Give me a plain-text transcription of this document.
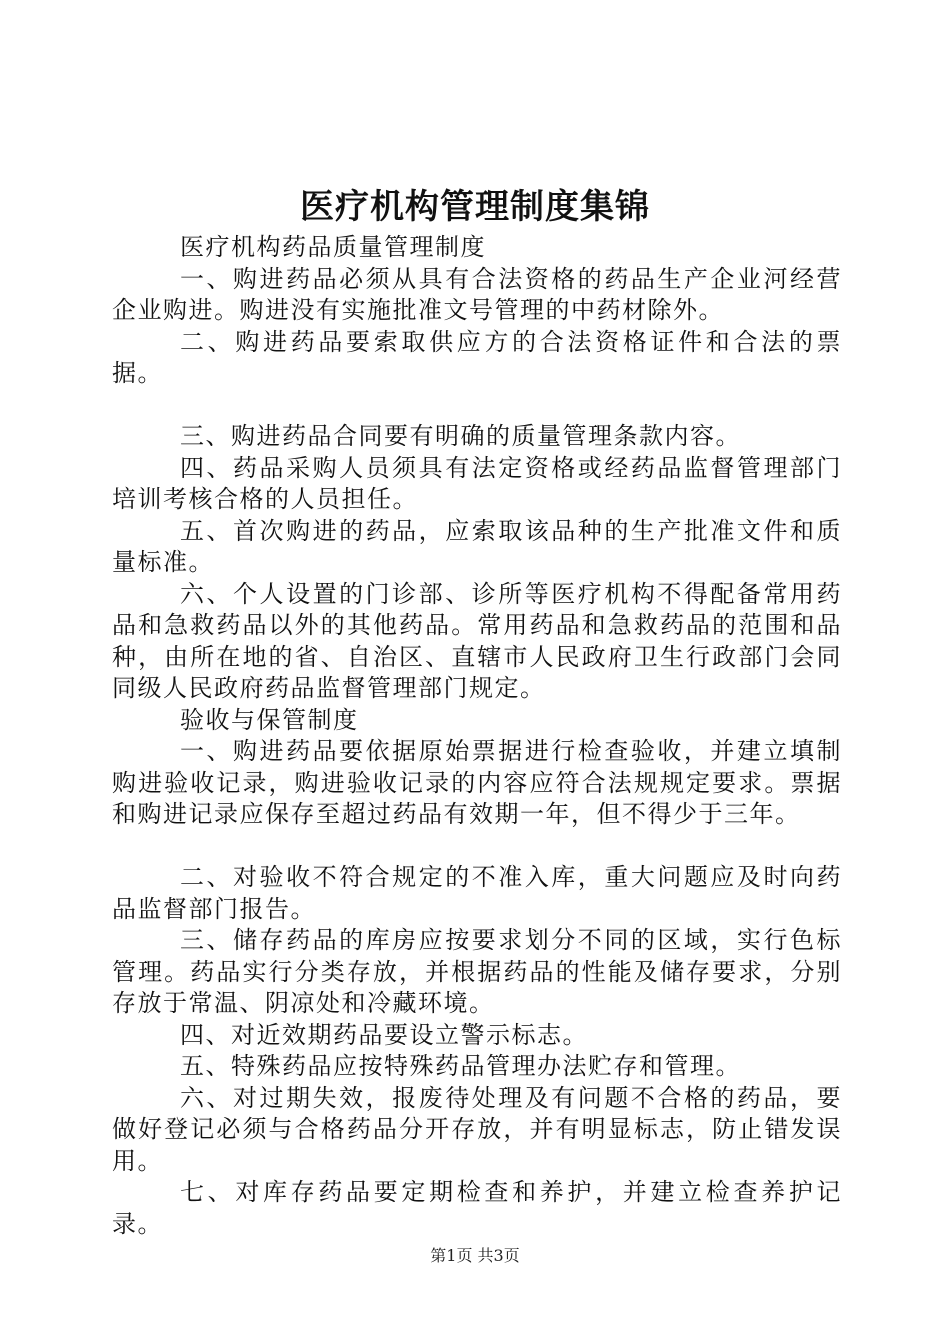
医疗机构管理制度集锦

医疗机构药品质量管理制度

一、购进药品必须从具有合法资格的药品生产企业河经营企业购进。购进没有实施批准文号管理的中药材除外。

二、购进药品要索取供应方的合法资格证件和合法的票据。

三、购进药品合同要有明确的质量管理条款内容。

四、药品采购人员须具有法定资格或经药品监督管理部门培训考核合格的人员担任。

五、首次购进的药品，应索取该品种的生产批准文件和质量标准。

六、个人设置的门诊部、诊所等医疗机构不得配备常用药品和急救药品以外的其他药品。常用药品和急救药品的范围和品种，由所在地的省、自治区、直辖市人民政府卫生行政部门会同同级人民政府药品监督管理部门规定。

验收与保管制度

一、购进药品要依据原始票据进行检查验收，并建立填制购进验收记录，购进验收记录的内容应符合法规规定要求。票据和购进记录应保存至超过药品有效期一年，但不得少于三年。

二、对验收不符合规定的不准入库，重大问题应及时向药品监督部门报告。

三、储存药品的库房应按要求划分不同的区域，实行色标管理。药品实行分类存放，并根据药品的性能及储存要求，分别存放于常温、阴凉处和冷藏环境。

四、对近效期药品要设立警示标志。

五、特殊药品应按特殊药品管理办法贮存和管理。

六、对过期失效，报废待处理及有问题不合格的药品，要做好登记必须与合格药品分开存放，并有明显标志，防止错发误用。

七、对库存药品要定期检查和养护，并建立检查养护记录。

第1页 共3页
